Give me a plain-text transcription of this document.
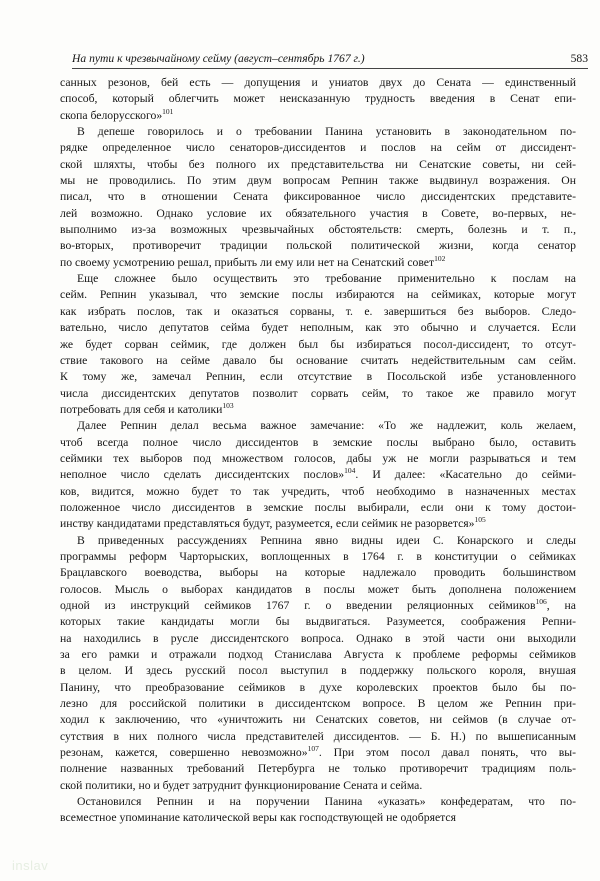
На пути к чрезвычайному сейму (август–сентябрь 1767 г.)	583
санных резонов, бей есть — допущения и униатов двух до Сената — единственный
способ, который облегчить может неисказанную трудность введения в Сенат епи-
скопа белорусского»$^{101}$
В депеше говорилось и о требовании Панина установить в законодательном по-
рядке определенное число сенаторов-диссидентов и послов на сейм от диссидент-
ской шляхты, чтобы без полного их представительства ни Сенатские советы, ни сей-
мы не проводились. По этим двум вопросам Репнин также выдвинул возражения. Он
писал, что в отношении Сената фиксированное число диссидентских представите-
лей возможно. Однако условие их обязательного участия в Совете, во-первых, не-
выполнимо из-за возможных чрезвычайных обстоятельств: смерть, болезнь и т. п.,
во-вторых, противоречит традиции польской политической жизни, когда сенатор
по своему усмотрению решал, прибыть ли ему или нет на Сенатский совет$^{102}$
Еще сложнее было осуществить это требование применительно к послам на
сейм. Репнин указывал, что земские послы избираются на сеймиках, которые могут
как избрать послов, так и оказаться сорваны, т. е. завершиться без выборов. Следо-
вательно, число депутатов сейма будет неполным, как это обычно и случается. Если
же будет сорван сеймик, где должен был бы избираться посол-диссидент, то отсут-
ствие такового на сейме давало бы основание считать недействительным сам сейм.
К тому же, замечал Репнин, если отсутствие в Посольской избе установленного
числа диссидентских депутатов позволит сорвать сейм, то такое же правило могут
потребовать для себя и католики$^{103}$
Далее Репнин делал весьма важное замечание: «То же надлежит, коль желаем,
чтоб всегда полное число диссидентов в земские послы выбрано было, оставить
сеймики тех выборов под множеством голосов, дабы уж не могли разрываться и тем
неполное число сделать диссидентских послов»$^{104}$. И далее: «Касательно до сейми-
ков, видится, можно будет то так учредить, чтоб необходимо в назначенных местах
положенное число диссидентов в земские послы выбирали, если они к тому достои-
инству кандидатами представляться будут, разумеется, если сеймик не разорвется»$^{105}$
В приведенных рассуждениях Репнина явно видны идеи С. Конарского и следы
программы реформ Чарторыских, воплощенных в 1764 г. в конституции о сеймиках
Брацлавского воеводства, выборы на которые надлежало проводить большинством
голосов. Мысль о выборах кандидатов в послы может быть дополнена положением
одной из инструкций сеймиков 1767 г. о введении реляционных сеймиков$^{106}$, на
которых такие кандидаты могли бы выдвигаться. Разумеется, соображения Репни-
на находились в русле диссидентского вопроса. Однако в этой части они выходили
за его рамки и отражали подход Станислава Августа к проблеме реформы сеймиков
в целом. И здесь русский посол выступил в поддержку польского короля, внушая
Панину, что преобразование сеймиков в духе королевских проектов было бы по-
лезно для российской политики в диссидентском вопросе. В целом же Репнин при-
ходил к заключению, что «уничтожить ни Сенатских советов, ни сеймов (в случае от-
сутствия в них полного числа представителей диссидентов. — Б. Н.) по вышеписанным
резонам, кажется, совершенно невозможно»$^{107}$. При этом посол давал понять, что вы-
полнение названных требований Петербурга не только противоречит традициям поль-
ской политики, но и будет затруднит функционирование Сената и сейма.
Остановился Репнин и на поручении Панина «указать» конфедератам, что по-
всеместное упоминание католической веры как господствующей не одобряется
inslav
